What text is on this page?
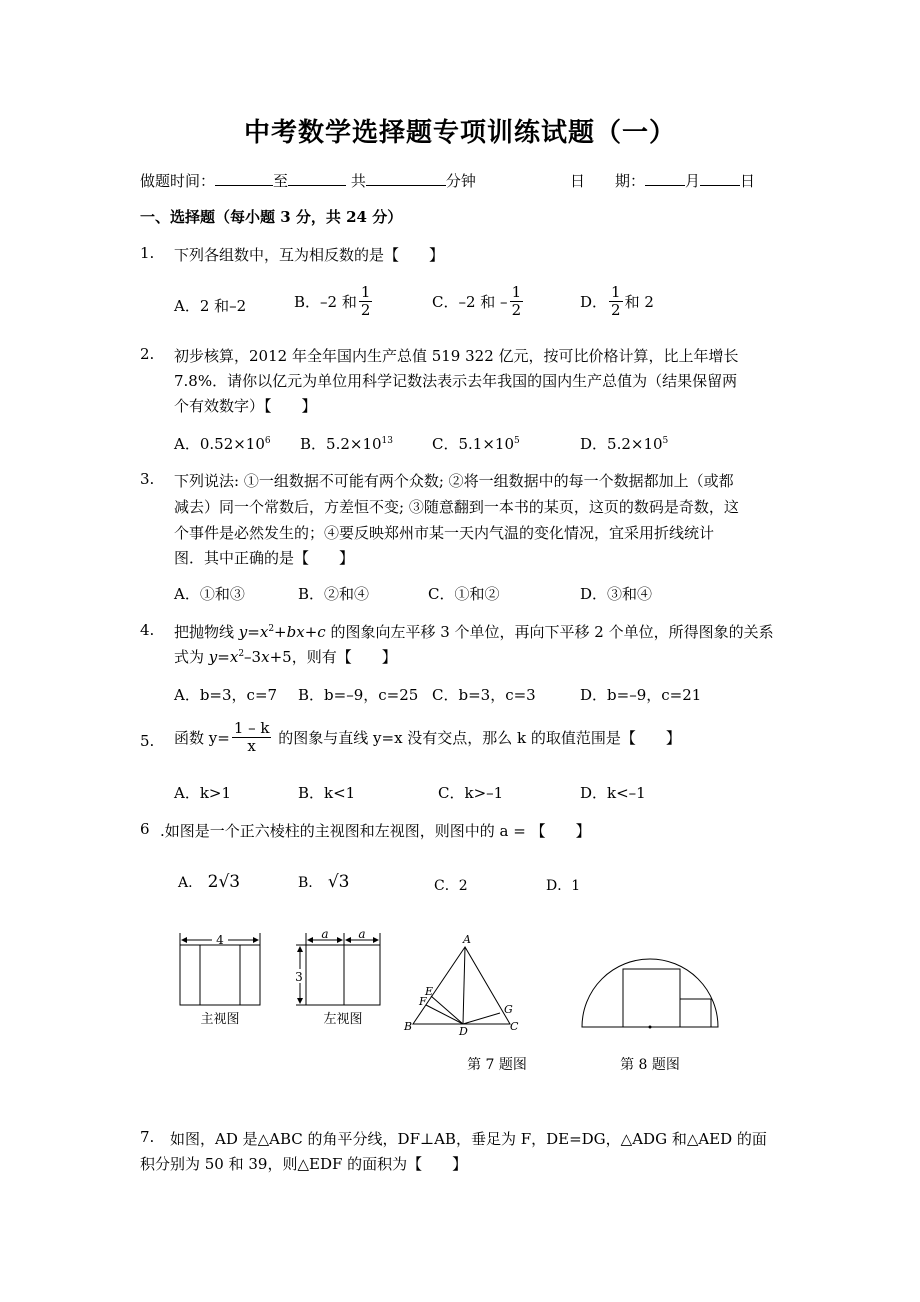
中考数学选择题专项训练试题（一）
做题时间：	至	共	分钟	日　　期：	月	日
一、选择题（每小题 3 分，共 24 分）
1. 下列各组数中，互为相反数的是【　　】
A．2 和–2	B．–2 和 $\frac{1}{2}$	C．–2 和 – $\frac{1}{2}$	D． $\frac{1}{2}$ 和 2
2. 初步核算，2012 年全年国内生产总值 519 322 亿元，按可比价格计算，比上年增长
7.8%．请你以亿元为单位用科学记数法表示去年我国的国内生产总值为（结果保留两
个有效数字）【　　】
A．$0.52\times 10^6$ B．$5.2\times 10^{13}$	C．$5.1\times 10^5$	D．$5.2\times 10^5$
3. 下列说法: ①一组数据不可能有两个众数; ②将一组数据中的每一个数据都加上（或都
减去）同一个常数后，方差恒不变; ③随意翻到一本书的某页，这页的数码是奇数，这
个事件是必然发生的；④要反映郑州市某一天内气温的变化情况，宜采用折线统计
图．其中正确的是【　　】
A．①和③	B．②和④	C．①和②	D．③和④
4. 把抛物线 $y=x^2+bx+c$ 的图象向左平移 3 个单位，再向下平移 2 个单位，所得图象的关系
式为 $y=x^2-3x+5$，则有【　　】
A．b=3，c=7 B．b=–9，c=25 C．b=3，c=3	D．b=–9，c=21
5. 函数 $y= \frac{1 - k}{x}$ 的图象与直线 y=x 没有交点，那么 k 的取值范围是【　　】
A．k>1	B．k<1	C．k>–1	D．k<–1
6 .如图是一个正六棱柱的主视图和左视图，则图中的 a = 【　　】
A. 2√3	B. √3	C．2	D．1
4
主视图
a a
3
左视图
A
E
F
G
B	D	C
第 7 题图	第 8 题图
7. 如图，AD 是△ABC 的角平分线，DF⊥AB，垂足为 F，DE=DG，△ADG 和△AED 的面
积分别为 50 和 39，则△EDF 的面积为【　　】
